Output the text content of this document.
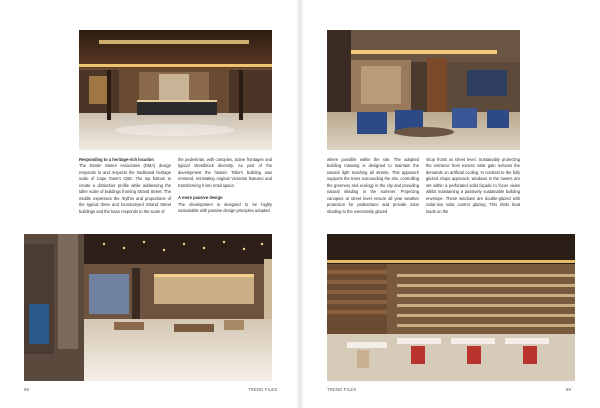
Responding to a heritage-rich location

The Dexter Moren Associates (DMA) design responds to and respects the traditional heritage scale of Cape Town's CBD. The top bottom to create a distinctive profile while addressing the taller scale of buildings fronting Strand Street. The middle expresses the rhythm and proportions of the typical three and fourstoreyed Strand Street buildings and the base responds to the scale of

the pedestrian, with canopies, active frontages and typical streetblock diversity. As part of the development the historic Tollie's building was restored, reinstating original Victorian features and transforming it into retail space.

A more passive design

The development is designed to be highly sustainable with passive design principles adopted

88

where possible within the site. The adopted building massing is designed to maintain the natural light reaching all streets. This approach supports the trees surrounding the site, controlling the greenery and ecology in the city and providing natural shading in the summer. Projecting canopies at street level ensure all year weather protection for pedestrians and provide solar shading to the extensively glazed

shop fronts at street level. Sustainably protecting the entrance from excess solar gain reduces the demands on artificial cooling. In contrast to the fully glazed shops approach, windows in the towers are set within a perforated solid façade to focus views whilst maintaining a passively sustainable building envelope. These windows are double-glazed with Solar-low solar control glazing. This limits heat loads on the

TREND FILES	89
TREND FILES
